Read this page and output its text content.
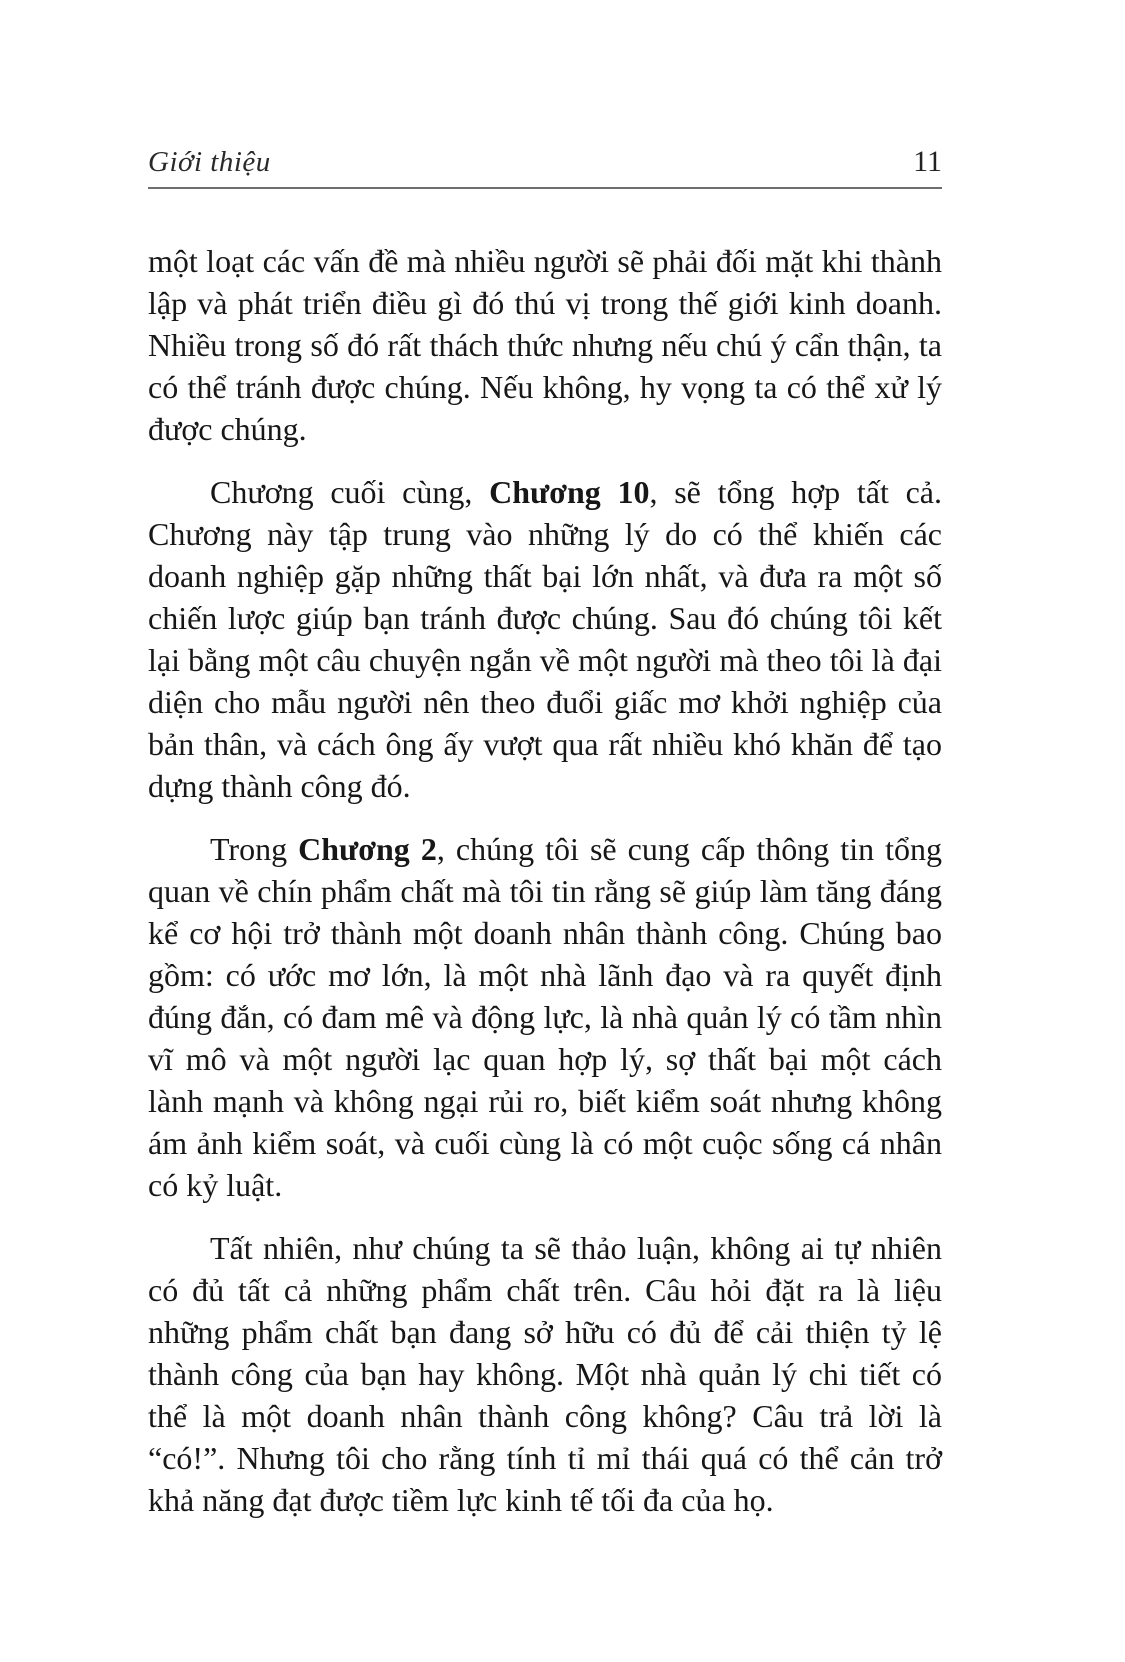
Giới thiệu	11

một loạt các vấn đề mà nhiều người sẽ phải đối mặt khi thành lập và phát triển điều gì đó thú vị trong thế giới kinh doanh. Nhiều trong số đó rất thách thức nhưng nếu chú ý cẩn thận, ta có thể tránh được chúng. Nếu không, hy vọng ta có thể xử lý được chúng.

Chương cuối cùng, Chương 10, sẽ tổng hợp tất cả. Chương này tập trung vào những lý do có thể khiến các doanh nghiệp gặp những thất bại lớn nhất, và đưa ra một số chiến lược giúp bạn tránh được chúng. Sau đó chúng tôi kết lại bằng một câu chuyện ngắn về một người mà theo tôi là đại diện cho mẫu người nên theo đuổi giấc mơ khởi nghiệp của bản thân, và cách ông ấy vượt qua rất nhiều khó khăn để tạo dựng thành công đó.

Trong Chương 2, chúng tôi sẽ cung cấp thông tin tổng quan về chín phẩm chất mà tôi tin rằng sẽ giúp làm tăng đáng kể cơ hội trở thành một doanh nhân thành công. Chúng bao gồm: có ước mơ lớn, là một nhà lãnh đạo và ra quyết định đúng đắn, có đam mê và động lực, là nhà quản lý có tầm nhìn vĩ mô và một người lạc quan hợp lý, sợ thất bại một cách lành mạnh và không ngại rủi ro, biết kiểm soát nhưng không ám ảnh kiểm soát, và cuối cùng là có một cuộc sống cá nhân có kỷ luật.

Tất nhiên, như chúng ta sẽ thảo luận, không ai tự nhiên có đủ tất cả những phẩm chất trên. Câu hỏi đặt ra là liệu những phẩm chất bạn đang sở hữu có đủ để cải thiện tỷ lệ thành công của bạn hay không. Một nhà quản lý chi tiết có thể là một doanh nhân thành công không? Câu trả lời là “có!”. Nhưng tôi cho rằng tính tỉ mỉ thái quá có thể cản trở khả năng đạt được tiềm lực kinh tế tối đa của họ.
